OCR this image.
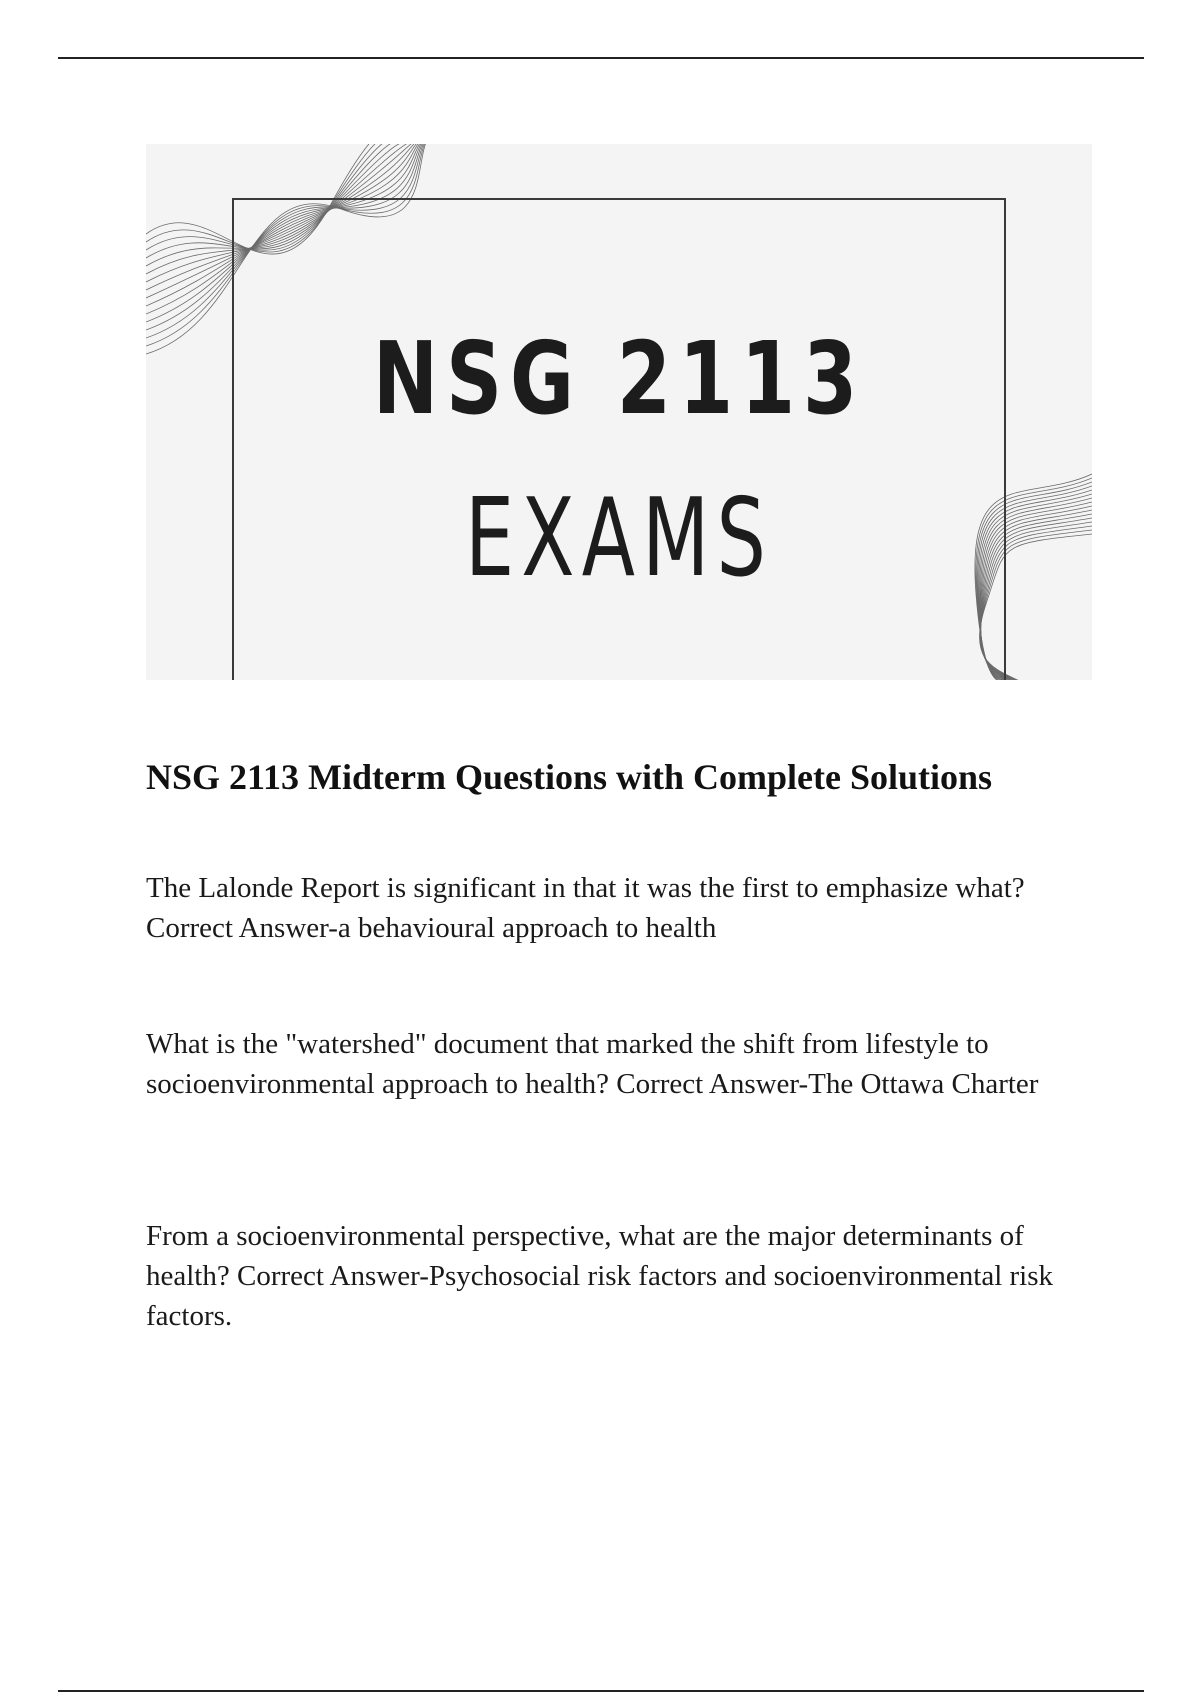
NSG 2113
EXAMS
NSG 2113 Midterm Questions with Complete Solutions

The Lalonde Report is significant in that it was the first to emphasize what? Correct Answer-a behavioural approach to health

What is the "watershed" document that marked the shift from lifestyle to socioenvironmental approach to health? Correct Answer-The Ottawa Charter

From a socioenvironmental perspective, what are the major determinants of health? Correct Answer-Psychosocial risk factors and socioenvironmental risk factors.
